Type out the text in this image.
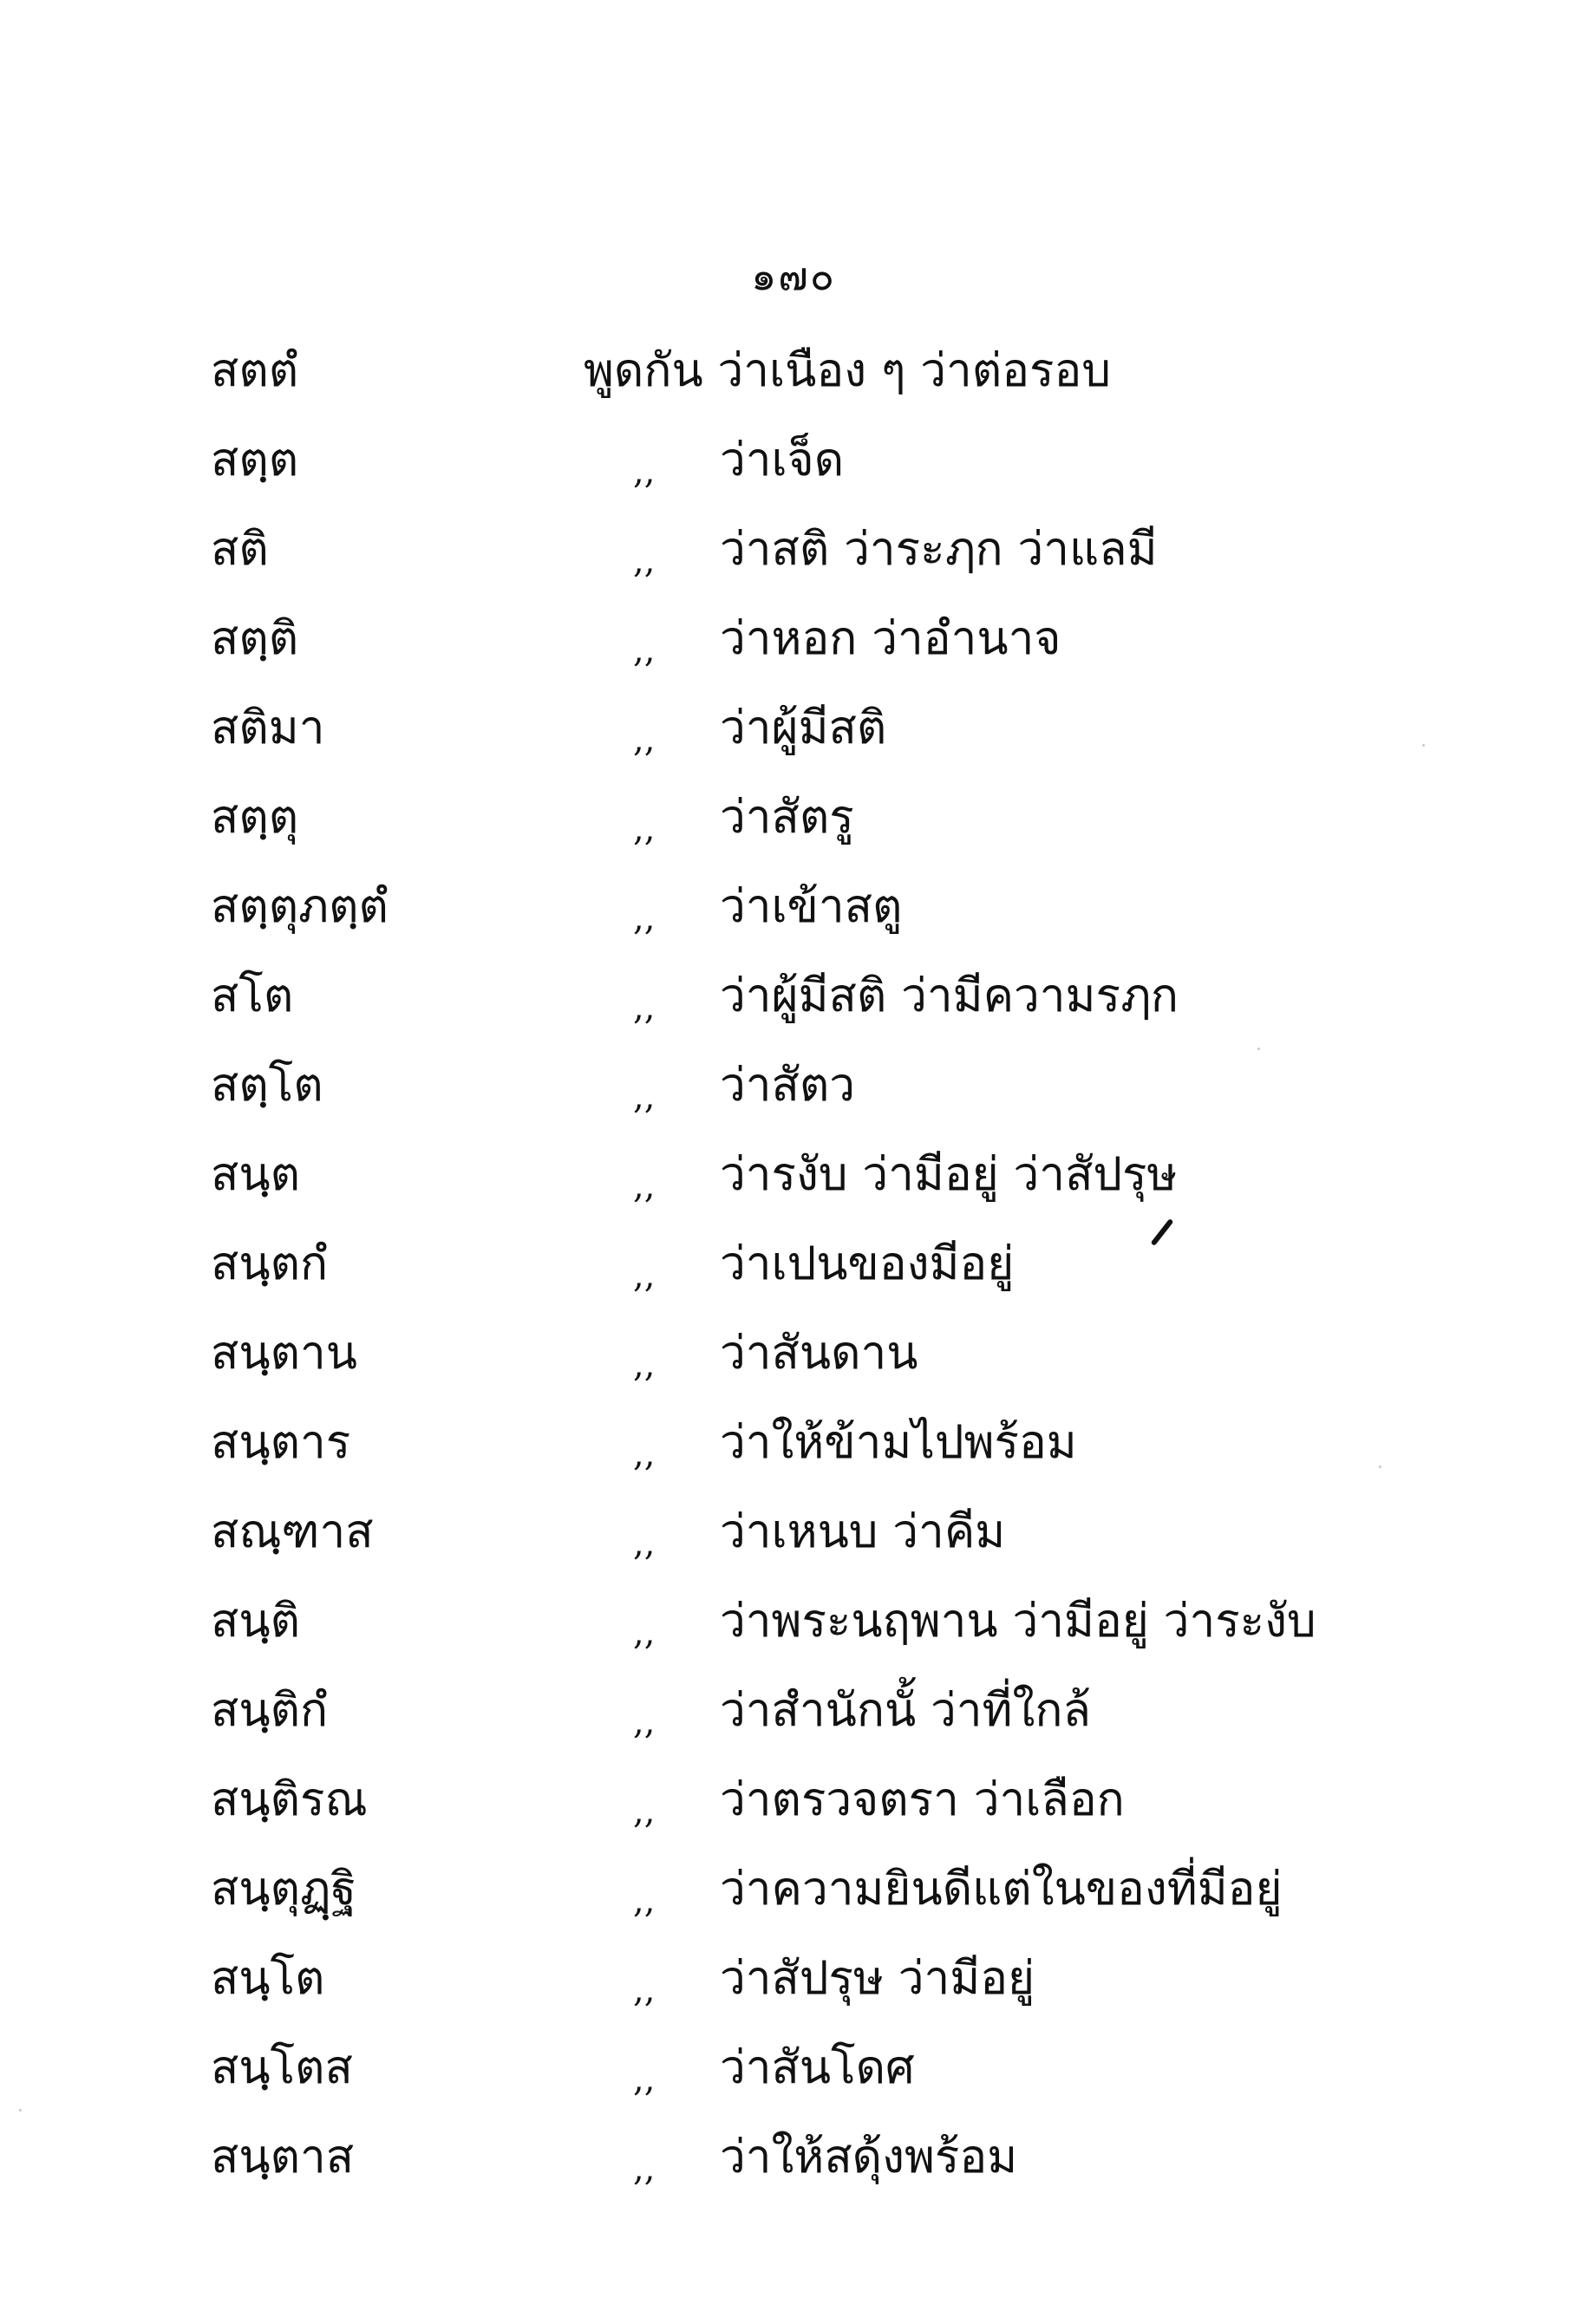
๑๗๐
สตตํ	พูดกัน ว่าเนือง ๆ ว่าต่อรอบ
สตฺต	,, ว่าเจ็ด
สติ	,, ว่าสติ ว่าระฦก ว่าแลมี
สตฺติ	,, ว่าหอก ว่าอำนาจ
สติมา	,, ว่าผู้มีสติ
สตฺตุ	,, ว่าสัตรู
สตฺตุภตฺตํ	,, ว่าเข้าสตู
สโต	,, ว่าผู้มีสติ ว่ามีความรฦก
สตฺโต	,, ว่าสัตว
สนฺต	,, ว่ารงับ ว่ามีอยู่ ว่าสัปรุษ
สนฺตกํ	,, ว่าเปนของมีอยู่
สนฺตาน	,, ว่าสันดาน
สนฺตาร	,, ว่าให้ข้ามไปพร้อม
สณฺฑาส	,, ว่าเหนบ ว่าคีม
สนฺติ	,, ว่าพระนฤพาน ว่ามีอยู่ ว่าระงับ
สนฺติกํ	,, ว่าสำนักนั้ ว่าที่ใกล้
สนฺติรณ	,, ว่าตรวจตรา ว่าเลือก
สนฺตุฏฺฐิ	,, ว่าความยินดีแต่ในของที่มีอยู่
สนฺโต	,, ว่าสัปรุษ ว่ามีอยู่
สนฺโตส	,, ว่าสันโดศ
สนฺตาส	,, ว่าให้สดุ้งพร้อม
